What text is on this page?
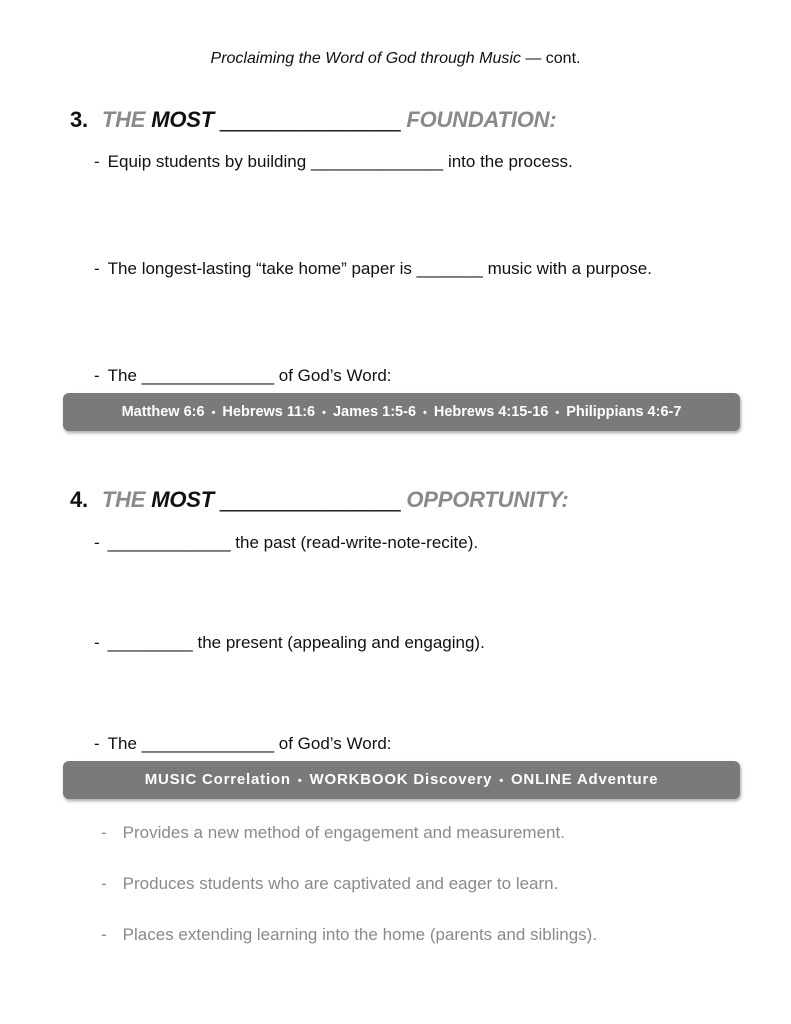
Proclaiming the Word of God through Music — cont.
3. THE MOST _______________ FOUNDATION:
- Equip students by building ______________ into the process.
- The longest-lasting “take home” paper is _______ music with a purpose.
- The ______________ of God’s Word:
Matthew 6:6 • Hebrews 11:6 • James 1:5-6 • Hebrews 4:15-16 • Philippians 4:6-7
4. THE MOST _______________ OPPORTUNITY:
- _____________ the past (read-write-note-recite).
- _________ the present (appealing and engaging).
- The ______________ of God’s Word:
MUSIC Correlation • WORKBOOK Discovery • ONLINE Adventure
- Provides a new method of engagement and measurement.
- Produces students who are captivated and eager to learn.
- Places extending learning into the home (parents and siblings).
